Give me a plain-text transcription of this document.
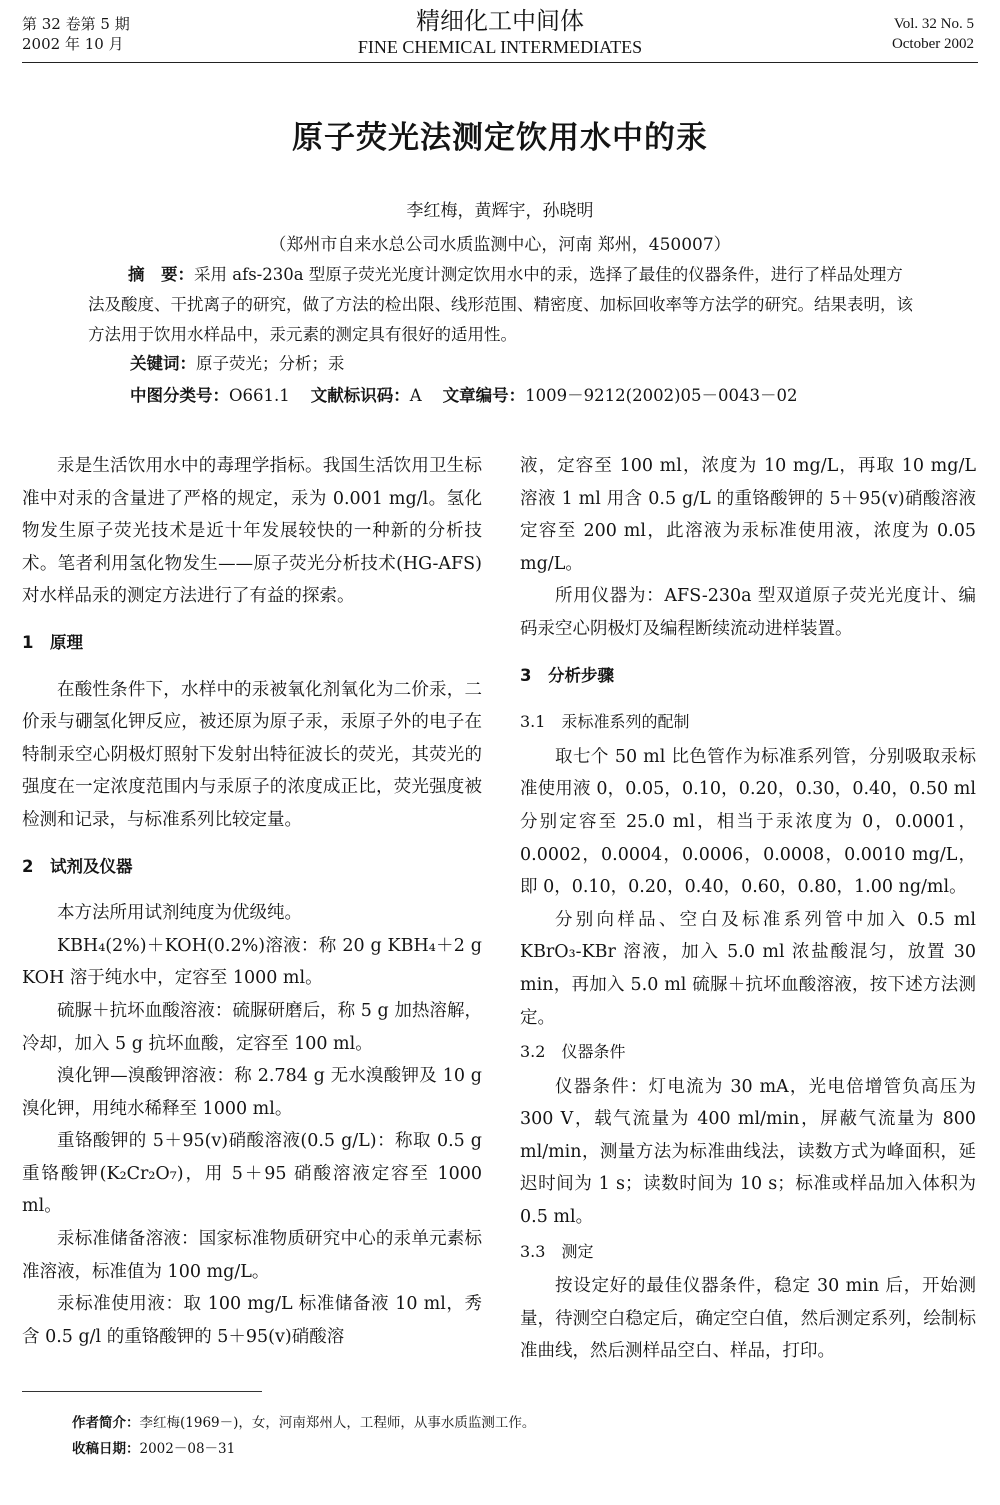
第 32 卷第 5 期
2002 年 10 月
精细化工中间体
FINE CHEMICAL INTERMEDIATES
Vol. 32 No. 5
October 2002
原子荧光法测定饮用水中的汞
李红梅，黄辉宇，孙晓明
（郑州市自来水总公司水质监测中心，河南 郑州，450007）
摘　要：采用 afs-230a 型原子荧光光度计测定饮用水中的汞，选择了最佳的仪器条件，进行了样品处理方法及酸度、干扰离子的研究，做了方法的检出限、线形范围、精密度、加标回收率等方法学的研究。结果表明，该方法用于饮用水样品中，汞元素的测定具有很好的适用性。
关键词：原子荧光；分析；汞
中图分类号：O661.1 文献标识码：A 文章编号：1009－9212(2002)05－0043－02

汞是生活饮用水中的毒理学指标。我国生活饮用卫生标准中对汞的含量进了严格的规定，汞为 0.001 mg/l。氢化物发生原子荧光技术是近十年发展较快的一种新的分析技术。笔者利用氢化物发生——原子荧光分析技术(HG-AFS)对水样品汞的测定方法进行了有益的探索。

1　原理

在酸性条件下，水样中的汞被氧化剂氧化为二价汞，二价汞与硼氢化钾反应，被还原为原子汞，汞原子外的电子在特制汞空心阴极灯照射下发射出特征波长的荧光，其荧光的强度在一定浓度范围内与汞原子的浓度成正比，荧光强度被检测和记录，与标准系列比较定量。

2　试剂及仪器

本方法所用试剂纯度为优级纯。

KBH₄(2%)＋KOH(0.2%)溶液：称 20 g KBH₄＋2 g KOH 溶于纯水中，定容至 1000 ml。

硫脲＋抗坏血酸溶液：硫脲研磨后，称 5 g 加热溶解，冷却，加入 5 g 抗坏血酸，定容至 100 ml。

溴化钾—溴酸钾溶液：称 2.784 g 无水溴酸钾及 10 g 溴化钾，用纯水稀释至 1000 ml。

重铬酸钾的 5＋95(v)硝酸溶液(0.5 g/L)：称取 0.5 g 重铬酸钾(K₂Cr₂O₇)，用 5＋95 硝酸溶液定容至 1000 ml。

汞标准储备溶液：国家标准物质研究中心的汞单元素标准溶液，标准值为 100 mg/L。

汞标准使用液：取 100 mg/L 标准储备液 10 ml，秀含 0.5 g/l 的重铬酸钾的 5＋95(v)硝酸溶

液，定容至 100 ml，浓度为 10 mg/L，再取 10 mg/L 溶液 1 ml 用含 0.5 g/L 的重铬酸钾的 5＋95(v)硝酸溶液定容至 200 ml，此溶液为汞标准使用液，浓度为 0.05 mg/L。

所用仪器为：AFS-230a 型双道原子荧光光度计、编码汞空心阴极灯及编程断续流动进样装置。

3　分析步骤
3.1　汞标准系列的配制

取七个 50 ml 比色管作为标准系列管，分别吸取汞标准使用液 0，0.05，0.10，0.20，0.30，0.40，0.50 ml 分别定容至 25.0 ml，相当于汞浓度为 0，0.0001，0.0002，0.0004，0.0006，0.0008，0.0010 mg/L，即 0，0.10，0.20，0.40，0.60，0.80，1.00 ng/ml。

分别向样品、空白及标准系列管中加入 0.5 ml KBrO₃-KBr 溶液，加入 5.0 ml 浓盐酸混匀，放置 30 min，再加入 5.0 ml 硫脲＋抗坏血酸溶液，按下述方法测定。

3.2　仪器条件

仪器条件：灯电流为 30 mA，光电倍增管负高压为 300 V，载气流量为 400 ml/min，屏蔽气流量为 800 ml/min，测量方法为标准曲线法，读数方式为峰面积，延迟时间为 1 s；读数时间为 10 s；标准或样品加入体积为 0.5 ml。

3.3　测定

按设定好的最佳仪器条件，稳定 30 min 后，开始测量，待测空白稳定后，确定空白值，然后测定系列，绘制标准曲线，然后测样品空白、样品，打印。

作者简介：李红梅(1969－)，女，河南郑州人，工程师，从事水质监测工作。
收稿日期：2002－08－31
